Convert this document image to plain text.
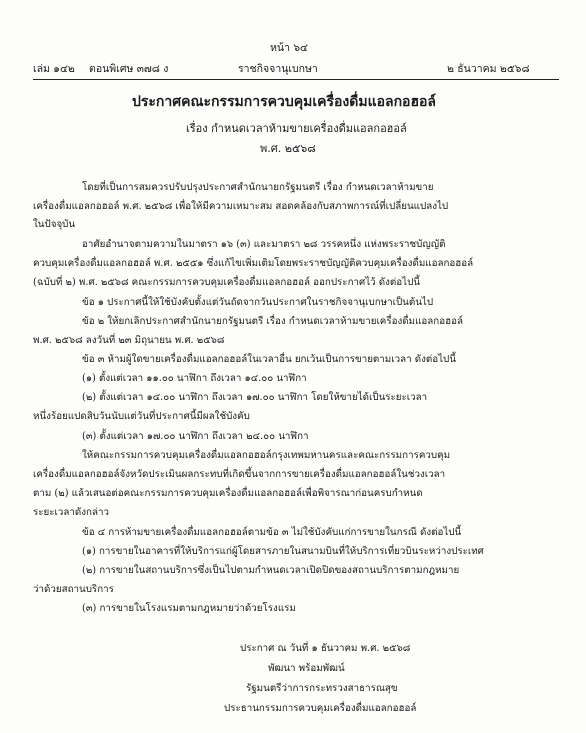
หน้า ๖๔
เล่ม ๑๔๒ ตอนพิเศษ ๓๗๘ ง	ราชกิจจานุเบกษา	๒ ธันวาคม ๒๕๖๘
ประกาศคณะกรรมการควบคุมเครื่องดื่มแอลกอฮอล์
เรื่อง กำหนดเวลาห้ามขายเครื่องดื่มแอลกอฮอล์
พ.ศ. ๒๕๖๘
โดยที่เป็นการสมควรปรับปรุงประกาศสำนักนายกรัฐมนตรี เรื่อง กำหนดเวลาห้ามขาย
เครื่องดื่มแอลกอฮอล์ พ.ศ. ๒๕๖๘ เพื่อให้มีความเหมาะสม สอดคล้องกับสภาพการณ์ที่เปลี่ยนแปลงไป
ในปัจจุบัน
อาศัยอำนาจตามความในมาตรา ๑๖ (๓) และมาตรา ๒๘ วรรคหนึ่ง แห่งพระราชบัญญัติ
ควบคุมเครื่องดื่มแอลกอฮอล์ พ.ศ. ๒๕๕๑ ซึ่งแก้ไขเพิ่มเติมโดยพระราชบัญญัติควบคุมเครื่องดื่มแอลกอฮอล์
(ฉบับที่ ๒) พ.ศ. ๒๕๖๘ คณะกรรมการควบคุมเครื่องดื่มแอลกอฮอล์ ออกประกาศไว้ ดังต่อไปนี้
ข้อ ๑ ประกาศนี้ให้ใช้บังคับตั้งแต่วันถัดจากวันประกาศในราชกิจจานุเบกษาเป็นต้นไป
ข้อ ๒ ให้ยกเลิกประกาศสำนักนายกรัฐมนตรี เรื่อง กำหนดเวลาห้ามขายเครื่องดื่มแอลกอฮอล์
พ.ศ. ๒๕๖๘ ลงวันที่ ๒๓ มิถุนายน พ.ศ. ๒๕๖๘
ข้อ ๓ ห้ามผู้ใดขายเครื่องดื่มแอลกอฮอล์ในเวลาอื่น ยกเว้นเป็นการขายตามเวลา ดังต่อไปนี้
(๑) ตั้งแต่เวลา ๑๑.๐๐ นาฬิกา ถึงเวลา ๑๔.๐๐ นาฬิกา
(๒) ตั้งแต่เวลา ๑๔.๐๐ นาฬิกา ถึงเวลา ๑๗.๐๐ นาฬิกา โดยให้ขายได้เป็นระยะเวลา
หนึ่งร้อยแปดสิบวันนับแต่วันที่ประกาศนี้มีผลใช้บังคับ
(๓) ตั้งแต่เวลา ๑๗.๐๐ นาฬิกา ถึงเวลา ๒๔.๐๐ นาฬิกา
ให้คณะกรรมการควบคุมเครื่องดื่มแอลกอฮอล์กรุงเทพมหานครและคณะกรรมการควบคุม
เครื่องดื่มแอลกอฮอล์จังหวัดประเมินผลกระทบที่เกิดขึ้นจากการขายเครื่องดื่มแอลกอฮอล์ในช่วงเวลา
ตาม (๒) แล้วเสนอต่อคณะกรรมการควบคุมเครื่องดื่มแอลกอฮอล์เพื่อพิจารณาก่อนครบกำหนด
ระยะเวลาดังกล่าว
ข้อ ๔ การห้ามขายเครื่องดื่มแอลกอฮอล์ตามข้อ ๓ ไม่ใช้บังคับแก่การขายในกรณี ดังต่อไปนี้
(๑) การขายในอาคารที่ให้บริการแก่ผู้โดยสารภายในสนามบินที่ให้บริการเที่ยวบินระหว่างประเทศ
(๒) การขายในสถานบริการซึ่งเป็นไปตามกำหนดเวลาเปิดปิดของสถานบริการตามกฎหมาย
ว่าด้วยสถานบริการ
(๓) การขายในโรงแรมตามกฎหมายว่าด้วยโรงแรม
ประกาศ ณ วันที่ ๑ ธันวาคม พ.ศ. ๒๕๖๘
พัฒนา พร้อมพัฒน์
รัฐมนตรีว่าการกระทรวงสาธารณสุข
ประธานกรรมการควบคุมเครื่องดื่มแอลกอฮอล์
